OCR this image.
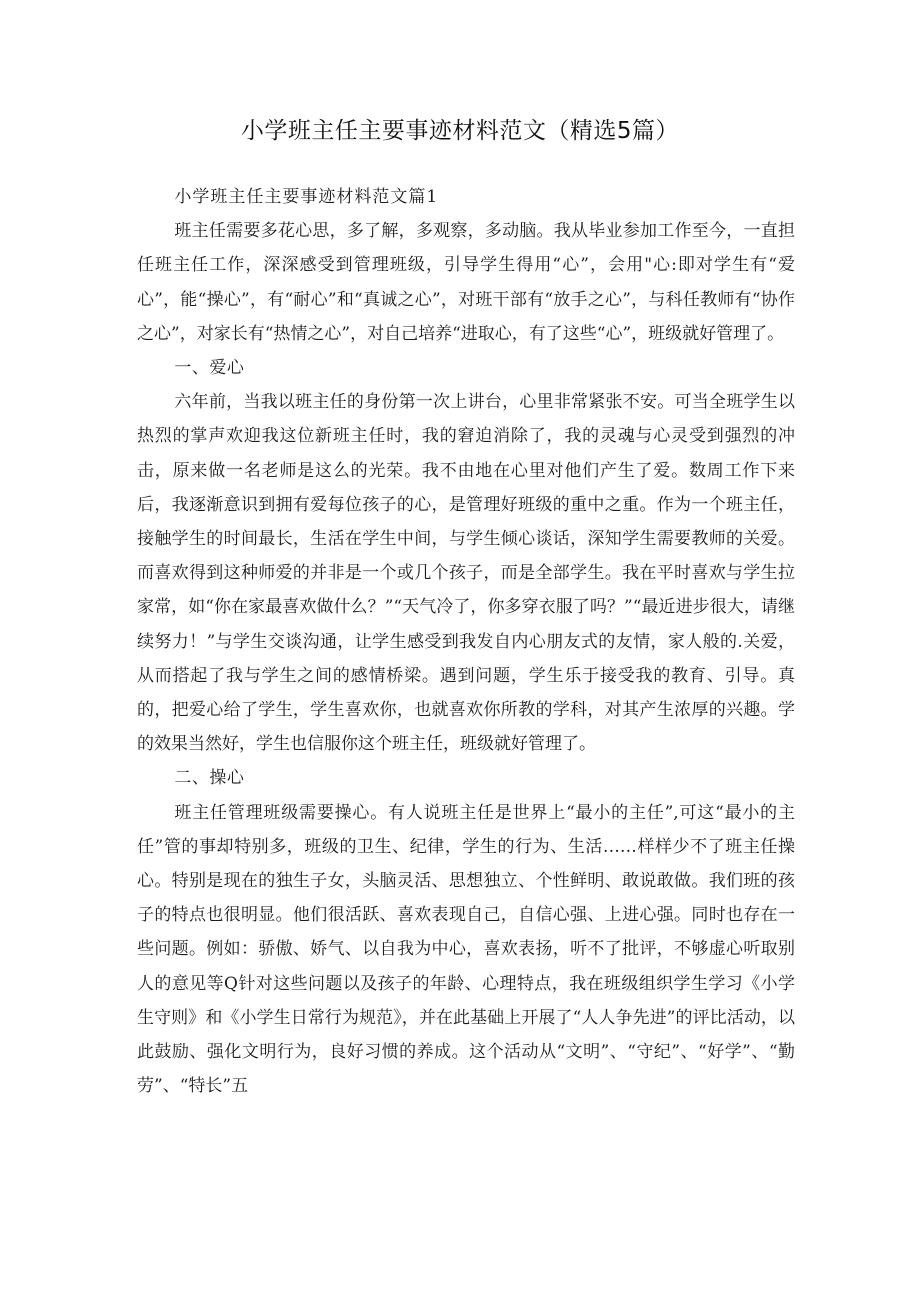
小学班主任主要事迹材料范文（精选5篇）

小学班主任主要事迹材料范文篇1

班主任需要多花心思，多了解，多观察，多动脑。我从毕业参加工作至今，一直担任班主任工作，深深感受到管理班级，引导学生得用“心”，会用"心:即对学生有“爱心”，能“操心”，有“耐心”和“真诚之心”，对班干部有“放手之心”，与科任教师有“协作之心”，对家长有“热情之心”，对自己培养“进取心，有了这些“心”，班级就好管理了。

一、爱心

六年前，当我以班主任的身份第一次上讲台，心里非常紧张不安。可当全班学生以热烈的掌声欢迎我这位新班主任时，我的窘迫消除了，我的灵魂与心灵受到强烈的冲击，原来做一名老师是这么的光荣。我不由地在心里对他们产生了爱。数周工作下来后，我逐渐意识到拥有爱每位孩子的心，是管理好班级的重中之重。作为一个班主任，接触学生的时间最长，生活在学生中间，与学生倾心谈话，深知学生需要教师的关爱。而喜欢得到这种师爱的并非是一个或几个孩子，而是全部学生。我在平时喜欢与学生拉家常，如“你在家最喜欢做什么？”“天气冷了，你多穿衣服了吗？”“最近进步很大，请继续努力！”与学生交谈沟通，让学生感受到我发自内心朋友式的友情，家人般的.关爱，从而搭起了我与学生之间的感情桥梁。遇到问题，学生乐于接受我的教育、引导。真的，把爱心给了学生，学生喜欢你，也就喜欢你所教的学科，对其产生浓厚的兴趣。学的效果当然好，学生也信服你这个班主任，班级就好管理了。

二、操心

班主任管理班级需要操心。有人说班主任是世界上“最小的主任”,可这“最小的主任”管的事却特别多，班级的卫生、纪律，学生的行为、生活……样样少不了班主任操心。特别是现在的独生子女，头脑灵活、思想独立、个性鲜明、敢说敢做。我们班的孩子的特点也很明显。他们很活跃、喜欢表现自己，自信心强、上进心强。同时也存在一些问题。例如：骄傲、娇气、以自我为中心，喜欢表扬，听不了批评，不够虚心听取别人的意见等Q针对这些问题以及孩子的年龄、心理特点，我在班级组织学生学习《小学生守则》和《小学生日常行为规范》，并在此基础上开展了“人人争先进”的评比活动，以此鼓励、强化文明行为，良好习惯的养成。这个活动从“文明”、“守纪”、“好学”、“勤劳”、“特长”五
